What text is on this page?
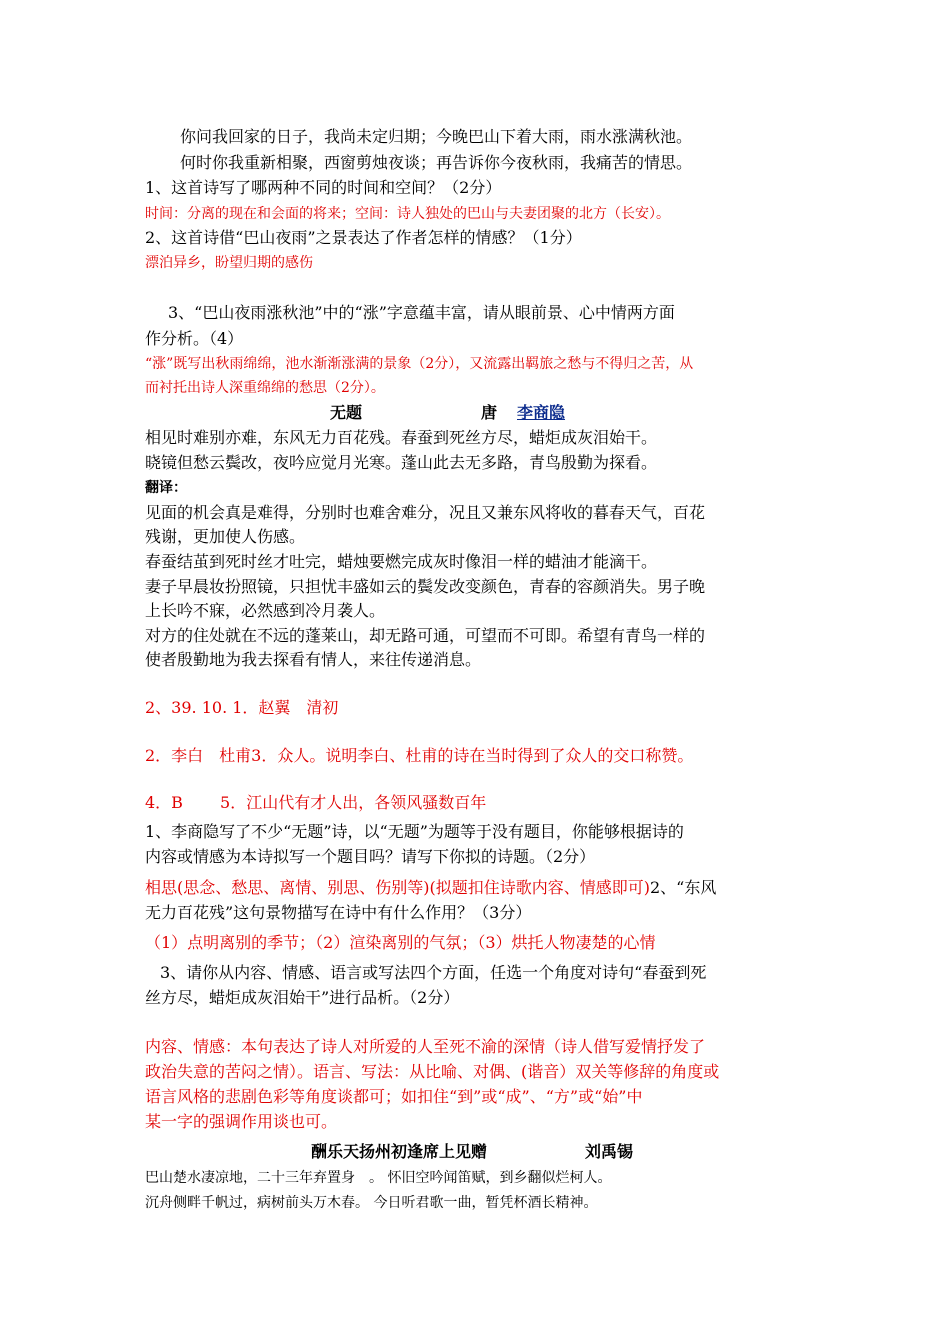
你问我回家的日子，我尚未定归期；今晚巴山下着大雨，雨水涨满秋池。
何时你我重新相聚，西窗剪烛夜谈；再告诉你今夜秋雨，我痛苦的情思。
1、这首诗写了哪两种不同的时间和空间？（2分）
时间：分离的现在和会面的将来；空间：诗人独处的巴山与夫妻团聚的北方（长安）。
2、这首诗借“巴山夜雨”之景表达了作者怎样的情感？（1分）
漂泊异乡，盼望归期的感伤
3、“巴山夜雨涨秋池”中的“涨”字意蕴丰富，请从眼前景、心中情两方面
作分析。（4）
“涨”既写出秋雨绵绵，池水渐渐涨满的景象（2分），又流露出羁旅之愁与不得归之苦，从
而衬托出诗人深重绵绵的愁思（2分）。
无题	唐 李商隐
相见时难别亦难，东风无力百花残。春蚕到死丝方尽，蜡炬成灰泪始干。
晓镜但愁云鬓改，夜吟应觉月光寒。蓬山此去无多路，青鸟殷勤为探看。
翻译：
见面的机会真是难得，分别时也难舍难分，况且又兼东风将收的暮春天气，百花
残谢，更加使人伤感。
春蚕结茧到死时丝才吐完，蜡烛要燃完成灰时像泪一样的蜡油才能滴干。
妻子早晨妆扮照镜，只担忧丰盛如云的鬓发改变颜色，青春的容颜消失。男子晚
上长吟不寐，必然感到冷月袭人。
对方的住处就在不远的蓬莱山，却无路可通，可望而不可即。希望有青鸟一样的
使者殷勤地为我去探看有情人，来往传递消息。
2、39. 10. 1．赵翼　清初
2．李白　杜甫3．众人。说明李白、杜甫的诗在当时得到了众人的交口称赞。
4．B　　 5．江山代有才人出，各领风骚数百年
1、李商隐写了不少“无题”诗，以“无题”为题等于没有题目，你能够根据诗的
内容或情感为本诗拟写一个题目吗？请写下你拟的诗题。（2分）
相思(思念、愁思、离情、别思、伤别等)(拟题扣住诗歌内容、情感即可)2、“东风
无力百花残”这句景物描写在诗中有什么作用？（3分）
（1）点明离别的季节；（2）渲染离别的气氛；（3）烘托人物凄楚的心情
3、请你从内容、情感、语言或写法四个方面，任选一个角度对诗句“春蚕到死
丝方尽，蜡炬成灰泪始干”进行品析。（2分）
内容、情感：本句表达了诗人对所爱的人至死不渝的深情（诗人借写爱情抒发了
政治失意的苦闷之情）。语言、写法：从比喻、对偶、(谐音）双关等修辞的角度或
语言风格的悲剧色彩等角度谈都可；如扣住“到”或“成”、“方”或“始”中
某一字的强调作用谈也可。
酬乐天扬州初逢席上见赠	刘禹锡
巴山楚水凄凉地，二十三年弃置身　。 怀旧空吟闻笛赋，到乡翻似烂柯人。
沉舟侧畔千帆过，病树前头万木春。 今日听君歌一曲，暂凭杯酒长精神。
